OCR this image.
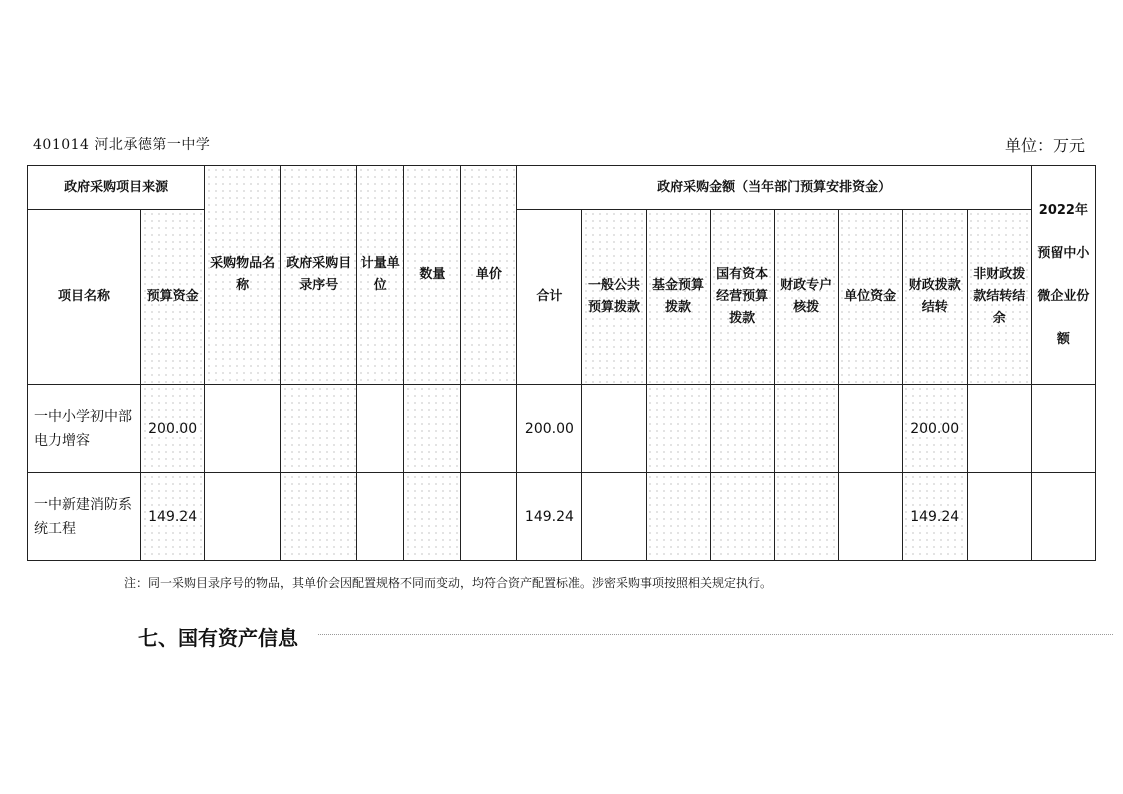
401014 河北承德第一中学	单位：万元
政府采购项目来源		采购物品名称	政府采购目录序号	计量单位	数量	单价	政府采购金额（当年部门预算安排资金）								2022年预留中小微企业份额
项目名称	预算资金						合计	一般公共预算拨款	基金预算拨款	国有资本经营预算拨款	财政专户核拨	单位资金	财政拨款结转	非财政拨款结转结余	
一中小学初中部电力增容	200.00						200.00						200.00		
一中新建消防系统工程	149.24						149.24						149.24		
注：同一采购目录序号的物品，其单价会因配置规格不同而变动，均符合资产配置标准。涉密采购事项按照相关规定执行。
七、国有资产信息
